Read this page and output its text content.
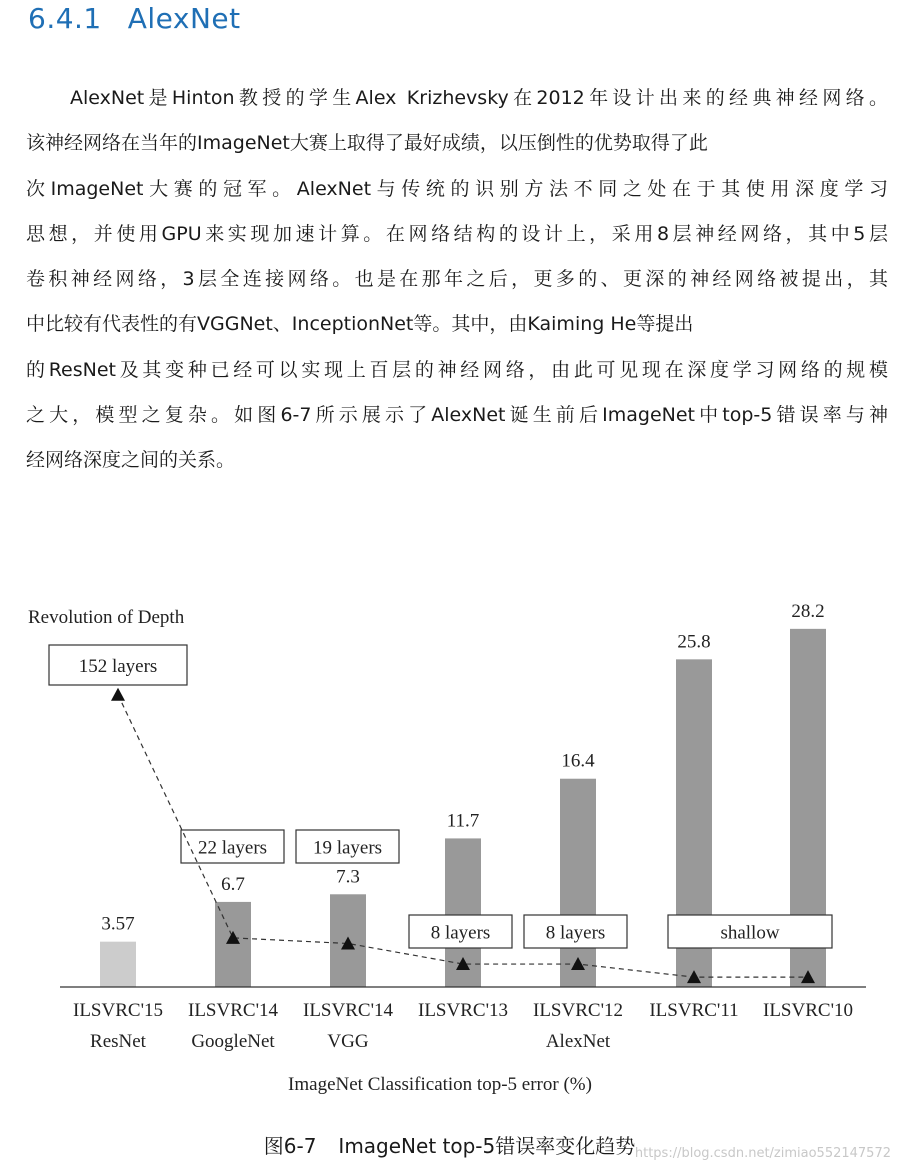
6.4.1 AlexNet
AlexNet是Hinton教授的学生Alex Krizhevsky在2012年设计出来的经典神经网络。
该神经网络在当年的ImageNet大赛上取得了最好成绩，以压倒性的优势取得了此
次ImageNet大赛的冠军。AlexNet与传统的识别方法不同之处在于其使用深度学习
思想，并使用GPU来实现加速计算。在网络结构的设计上，采用8层神经网络，其中5层
卷积神经网络，3层全连接网络。也是在那年之后，更多的、更深的神经网络被提出，其
中比较有代表性的有VGGNet、InceptionNet等。其中，由Kaiming He等提出
的ResNet及其变种已经可以实现上百层的神经网络，由此可见现在深度学习网络的规模
之大，模型之复杂。如图6-7所示展示了AlexNet诞生前后ImageNet中top-5错误率与神
经网络深度之间的关系。
Revolution of Depth
3.57
6.7	7.3
11.7
16.4
25.8
28.2
152 layers
22 layers 19 layers
8 layers	8 layers	shallow
ILSVRC'15
ResNet
ILSVRC'14
GoogleNet
ILSVRC'14
VGG
ILSVRC'13 ILSVRC'12
AlexNet
ILSVRC'11 ILSVRC'10
ImageNet Classification top-5 error (%)
图6-7 ImageNet top-5错误率变化趋势 https://blog.csdn.net/zimiao552147572
